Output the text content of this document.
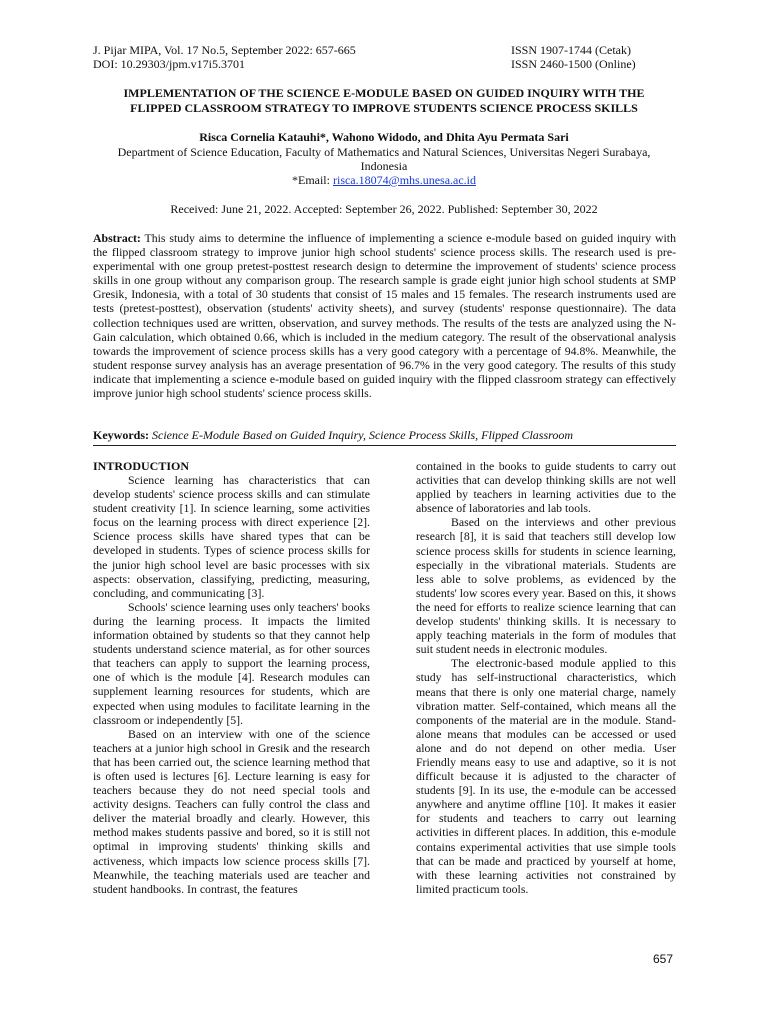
J. Pijar MIPA, Vol. 17 No.5, September 2022: 657-665
DOI: 10.29303/jpm.v17i5.3701
ISSN 1907-1744 (Cetak)
ISSN 2460-1500 (Online)
IMPLEMENTATION OF THE SCIENCE E-MODULE BASED ON GUIDED INQUIRY WITH THE
FLIPPED CLASSROOM STRATEGY TO IMPROVE STUDENTS SCIENCE PROCESS SKILLS
Risca Cornelia Katauhi*, Wahono Widodo, and Dhita Ayu Permata Sari
Department of Science Education, Faculty of Mathematics and Natural Sciences, Universitas Negeri Surabaya,
Indonesia
*Email: risca.18074@mhs.unesa.ac.id
Received: June 21, 2022. Accepted: September 26, 2022. Published: September 30, 2022
Abstract: This study aims to determine the influence of implementing a science e-module based on guided inquiry with the flipped classroom strategy to improve junior high school students' science process skills. The research used is pre-experimental with one group pretest-posttest research design to determine the improvement of students' science process skills in one group without any comparison group. The research sample is grade eight junior high school students at SMP Gresik, Indonesia, with a total of 30 students that consist of 15 males and 15 females. The research instruments used are tests (pretest-posttest), observation (students' activity sheets), and survey (students' response questionnaire). The data collection techniques used are written, observation, and survey methods. The results of the tests are analyzed using the N-Gain calculation, which obtained 0.66, which is included in the medium category. The result of the observational analysis towards the improvement of science process skills has a very good category with a percentage of 94.8%. Meanwhile, the student response survey analysis has an average presentation of 96.7% in the very good category. The results of this study indicate that implementing a science e-module based on guided inquiry with the flipped classroom strategy can effectively improve junior high school students' science process skills.
Keywords: Science E-Module Based on Guided Inquiry, Science Process Skills, Flipped Classroom
INTRODUCTION

Science learning has characteristics that can develop students' science process skills and can stimulate student creativity [1]. In science learning, some activities focus on the learning process with direct experience [2]. Science process skills have shared types that can be developed in students. Types of science process skills for the junior high school level are basic processes with six aspects: observation, classifying, predicting, measuring, concluding, and communicating [3].

Schools' science learning uses only teachers' books during the learning process. It impacts the limited information obtained by students so that they cannot help students understand science material, as for other sources that teachers can apply to support the learning process, one of which is the module [4]. Research modules can supplement learning resources for students, which are expected when using modules to facilitate learning in the classroom or independently [5].

Based on an interview with one of the science teachers at a junior high school in Gresik and the research that has been carried out, the science learning method that is often used is lectures [6]. Lecture learning is easy for teachers because they do not need special tools and activity designs. Teachers can fully control the class and deliver the material broadly and clearly. However, this method makes students passive and bored, so it is still not optimal in improving students' thinking skills and activeness, which impacts low science process skills [7]. Meanwhile, the teaching materials used are teacher and student handbooks. In contrast, the features

contained in the books to guide students to carry out activities that can develop thinking skills are not well applied by teachers in learning activities due to the absence of laboratories and lab tools.

Based on the interviews and other previous research [8], it is said that teachers still develop low science process skills for students in science learning, especially in the vibrational materials. Students are less able to solve problems, as evidenced by the students' low scores every year. Based on this, it shows the need for efforts to realize science learning that can develop students' thinking skills. It is necessary to apply teaching materials in the form of modules that suit student needs in electronic modules.

The electronic-based module applied to this study has self-instructional characteristics, which means that there is only one material charge, namely vibration matter. Self-contained, which means all the components of the material are in the module. Stand-alone means that modules can be accessed or used alone and do not depend on other media. User Friendly means easy to use and adaptive, so it is not difficult because it is adjusted to the character of students [9]. In its use, the e-module can be accessed anywhere and anytime offline [10]. It makes it easier for students and teachers to carry out learning activities in different places. In addition, this e-module contains experimental activities that use simple tools that can be made and practiced by yourself at home, with these learning activities not constrained by limited practicum tools.

657
